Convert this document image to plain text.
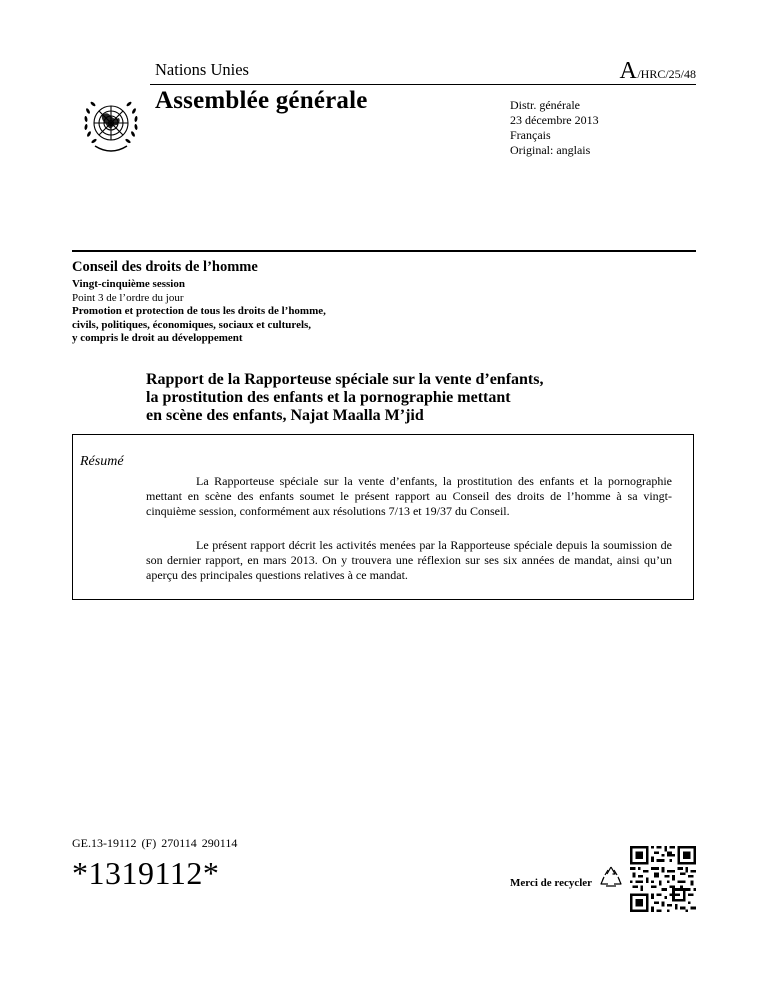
Nations Unies	A/HRC/25/48
Assemblée générale	Distr. générale
23 décembre 2013
Français
Original: anglais
Conseil des droits de l’homme
Vingt-cinquième session
Point 3 de l’ordre du jour
Promotion et protection de tous les droits de l’homme,
civils, politiques, économiques, sociaux et culturels,
y compris le droit au développement
Rapport de la Rapporteuse spéciale sur la vente d’enfants,
la prostitution des enfants et la pornographie mettant
en scène des enfants, Najat Maalla M’jid
Résumé
La Rapporteuse spéciale sur la vente d’enfants, la prostitution des enfants et la pornographie mettant en scène des enfants soumet le présent rapport au Conseil des droits de l’homme à sa vingt-cinquième session, conformément aux résolutions 7/13 et 19/37 du Conseil.
Le présent rapport décrit les activités menées par la Rapporteuse spéciale depuis la soumission de son dernier rapport, en mars 2013. On y trouvera une réflexion sur ses six années de mandat, ainsi qu’un aperçu des principales questions relatives à ce mandat.
GE.13-19112 (F) 270114 290114
*1319112*	Merci de recycler
